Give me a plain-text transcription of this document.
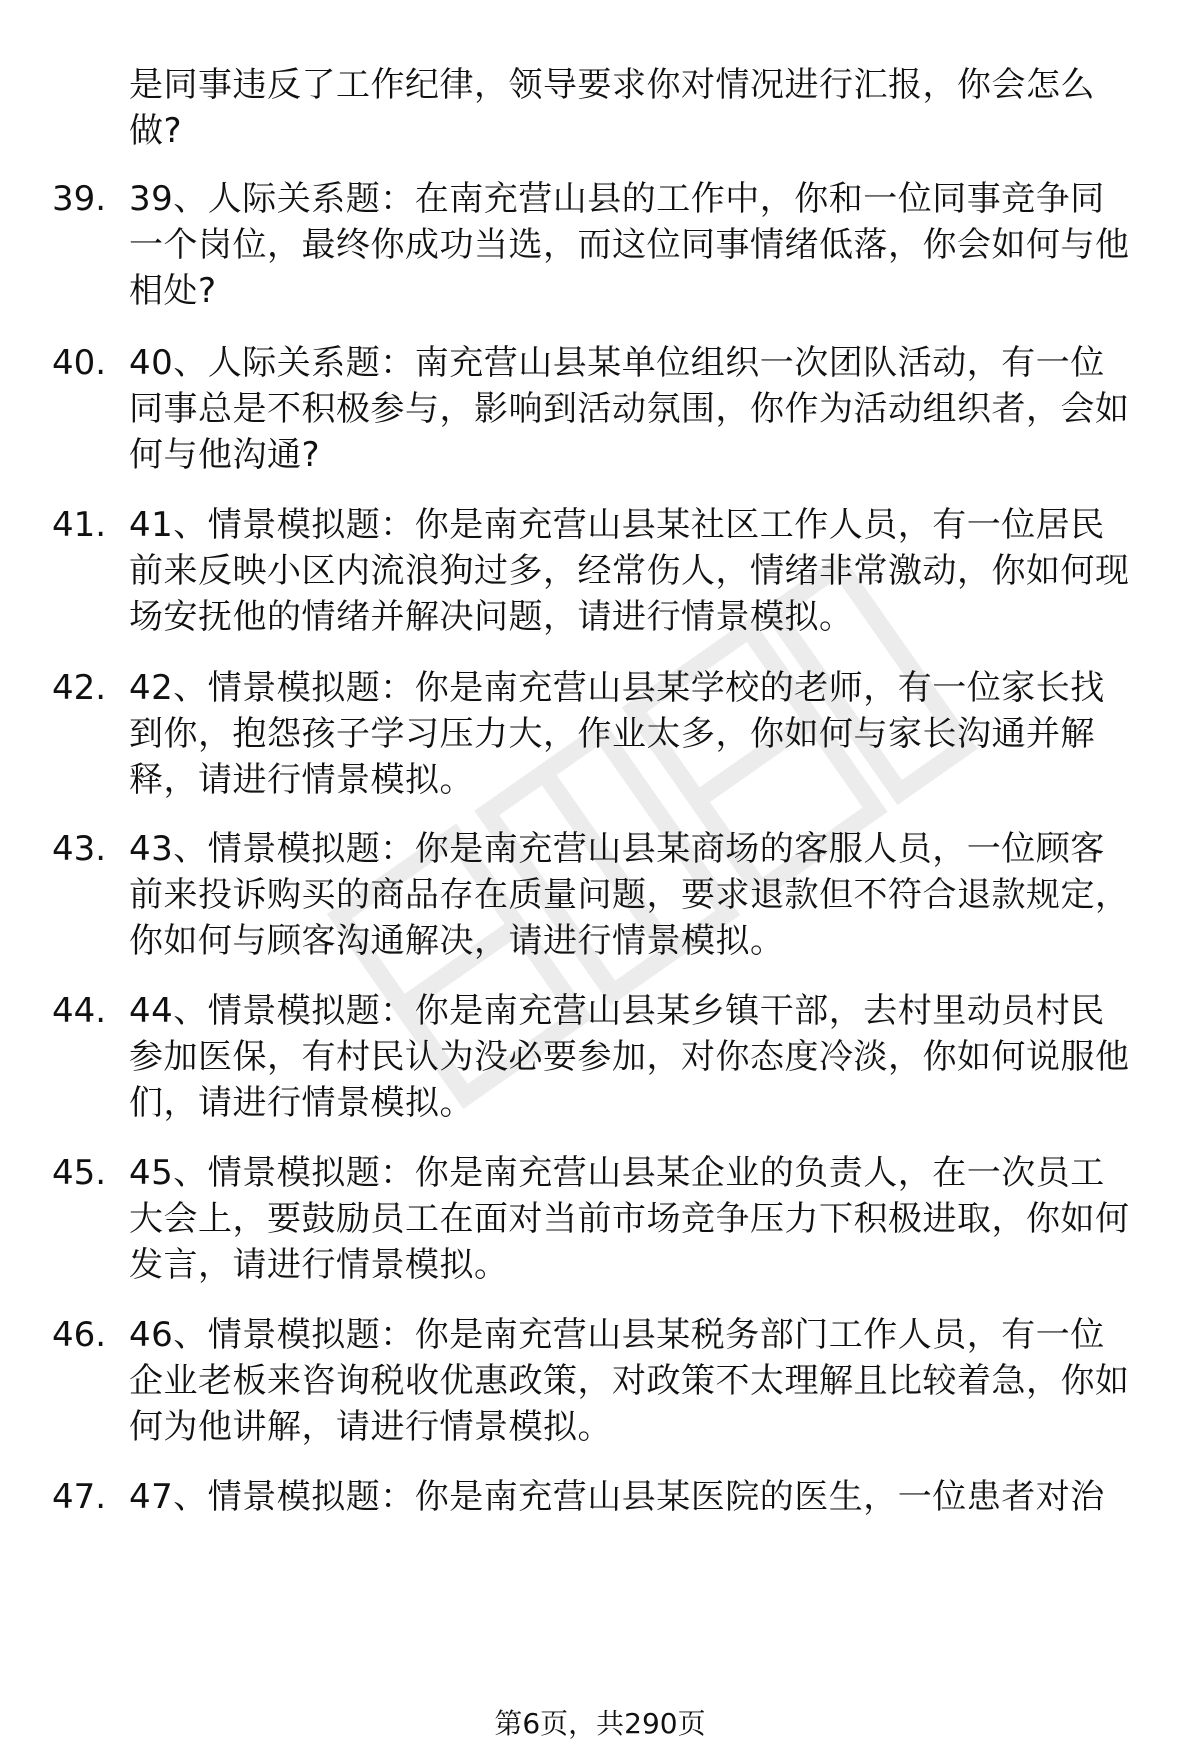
是同事违反了工作纪律，领导要求你对情况进行汇报，你会怎么做?
39. 39、人际关系题：在南充营山县的工作中，你和一位同事竞争同一个岗位，最终你成功当选，而这位同事情绪低落，你会如何与他相处?
40. 40、人际关系题：南充营山县某单位组织一次团队活动，有一位同事总是不积极参与，影响到活动氛围，你作为活动组织者，会如何与他沟通?
41. 41、情景模拟题：你是南充营山县某社区工作人员，有一位居民前来反映小区内流浪狗过多，经常伤人，情绪非常激动，你如何现场安抚他的情绪并解决问题，请进行情景模拟。
42. 42、情景模拟题：你是南充营山县某学校的老师，有一位家长找到你，抱怨孩子学习压力大，作业太多，你如何与家长沟通并解释，请进行情景模拟。
43. 43、情景模拟题：你是南充营山县某商场的客服人员，一位顾客前来投诉购买的商品存在质量问题，要求退款但不符合退款规定，你如何与顾客沟通解决，请进行情景模拟。
44. 44、情景模拟题：你是南充营山县某乡镇干部，去村里动员村民参加医保，有村民认为没必要参加，对你态度冷淡，你如何说服他们，请进行情景模拟。
45. 45、情景模拟题：你是南充营山县某企业的负责人，在一次员工大会上，要鼓励员工在面对当前市场竞争压力下积极进取，你如何发言，请进行情景模拟。
46. 46、情景模拟题：你是南充营山县某税务部门工作人员，有一位企业老板来咨询税收优惠政策，对政策不太理解且比较着急，你如何为他讲解，请进行情景模拟。
47. 47、情景模拟题：你是南充营山县某医院的医生，一位患者对治
第6页，共290页
